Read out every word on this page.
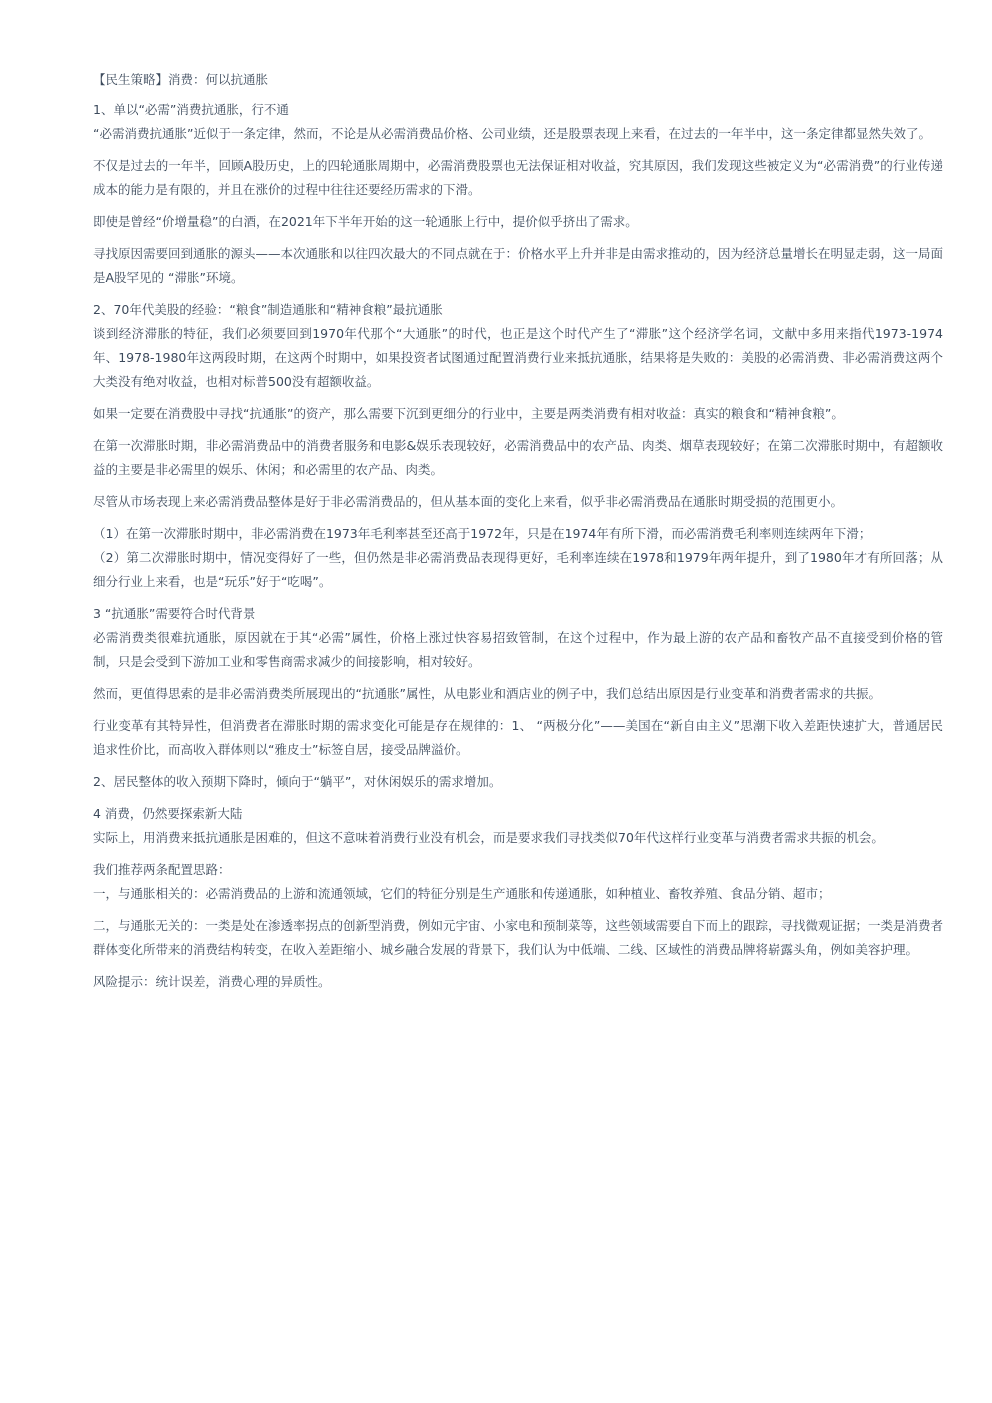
【民生策略】消费：何以抗通胀

1、单以“必需”消费抗通胀，行不通

“必需消费抗通胀”近似于一条定律，然而，不论是从必需消费品价格、公司业绩，还是股票表现上来看，在过去的一年半中，这一条定律都显然失效了。

不仅是过去的一年半，回顾A股历史，上的四轮通胀周期中，必需消费股票也无法保证相对收益，究其原因，我们发现这些被定义为“必需消费”的行业传递成本的能力是有限的，并且在涨价的过程中往往还要经历需求的下滑。

即使是曾经“价增量稳”的白酒，在2021年下半年开始的这一轮通胀上行中，提价似乎挤出了需求。

寻找原因需要回到通胀的源头——本次通胀和以往四次最大的不同点就在于：价格水平上升并非是由需求推动的，因为经济总量增长在明显走弱，这一局面是A股罕见的 “滞胀”环境。

2、70年代美股的经验：“粮食”制造通胀和“精神食粮”最抗通胀

谈到经济滞胀的特征，我们必须要回到1970年代那个“大通胀”的时代，也正是这个时代产生了“滞胀”这个经济学名词，文献中多用来指代1973-1974年、1978-1980年这两段时期，在这两个时期中，如果投资者试图通过配置消费行业来抵抗通胀，结果将是失败的：美股的必需消费、非必需消费这两个大类没有绝对收益，也相对标普500没有超额收益。

如果一定要在消费股中寻找“抗通胀”的资产，那么需要下沉到更细分的行业中，主要是两类消费有相对收益：真实的粮食和“精神食粮”。

在第一次滞胀时期，非必需消费品中的消费者服务和电影&娱乐表现较好，必需消费品中的农产品、肉类、烟草表现较好；在第二次滞胀时期中，有超额收益的主要是非必需里的娱乐、休闲；和必需里的农产品、肉类。

尽管从市场表现上来必需消费品整体是好于非必需消费品的，但从基本面的变化上来看，似乎非必需消费品在通胀时期受损的范围更小。

（1）在第一次滞胀时期中，非必需消费在1973年毛利率甚至还高于1972年，只是在1974年有所下滑，而必需消费毛利率则连续两年下滑；

（2）第二次滞胀时期中，情况变得好了一些，但仍然是非必需消费品表现得更好，毛利率连续在1978和1979年两年提升，到了1980年才有所回落；从细分行业上来看，也是“玩乐”好于“吃喝”。

3 “抗通胀”需要符合时代背景

必需消费类很难抗通胀，原因就在于其“必需”属性，价格上涨过快容易招致管制，在这个过程中，作为最上游的农产品和畜牧产品不直接受到价格的管制，只是会受到下游加工业和零售商需求减少的间接影响，相对较好。

然而，更值得思索的是非必需消费类所展现出的“抗通胀”属性，从电影业和酒店业的例子中，我们总结出原因是行业变革和消费者需求的共振。

行业变革有其特异性，但消费者在滞胀时期的需求变化可能是存在规律的：1、 “两极分化”——美国在“新自由主义”思潮下收入差距快速扩大，普通居民追求性价比，而高收入群体则以“雅皮士”标签自居，接受品牌溢价。

2、居民整体的收入预期下降时，倾向于“躺平”，对休闲娱乐的需求增加。

4 消费，仍然要探索新大陆

实际上，用消费来抵抗通胀是困难的，但这不意味着消费行业没有机会，而是要求我们寻找类似70年代这样行业变革与消费者需求共振的机会。

我们推荐两条配置思路：

一，与通胀相关的：必需消费品的上游和流通领域，它们的特征分别是生产通胀和传递通胀，如种植业、畜牧养殖、食品分销、超市；

二，与通胀无关的：一类是处在渗透率拐点的创新型消费，例如元宇宙、小家电和预制菜等，这些领域需要自下而上的跟踪，寻找微观证据；一类是消费者群体变化所带来的消费结构转变，在收入差距缩小、城乡融合发展的背景下，我们认为中低端、二线、区域性的消费品牌将崭露头角，例如美容护理。

风险提示：统计误差，消费心理的异质性。
